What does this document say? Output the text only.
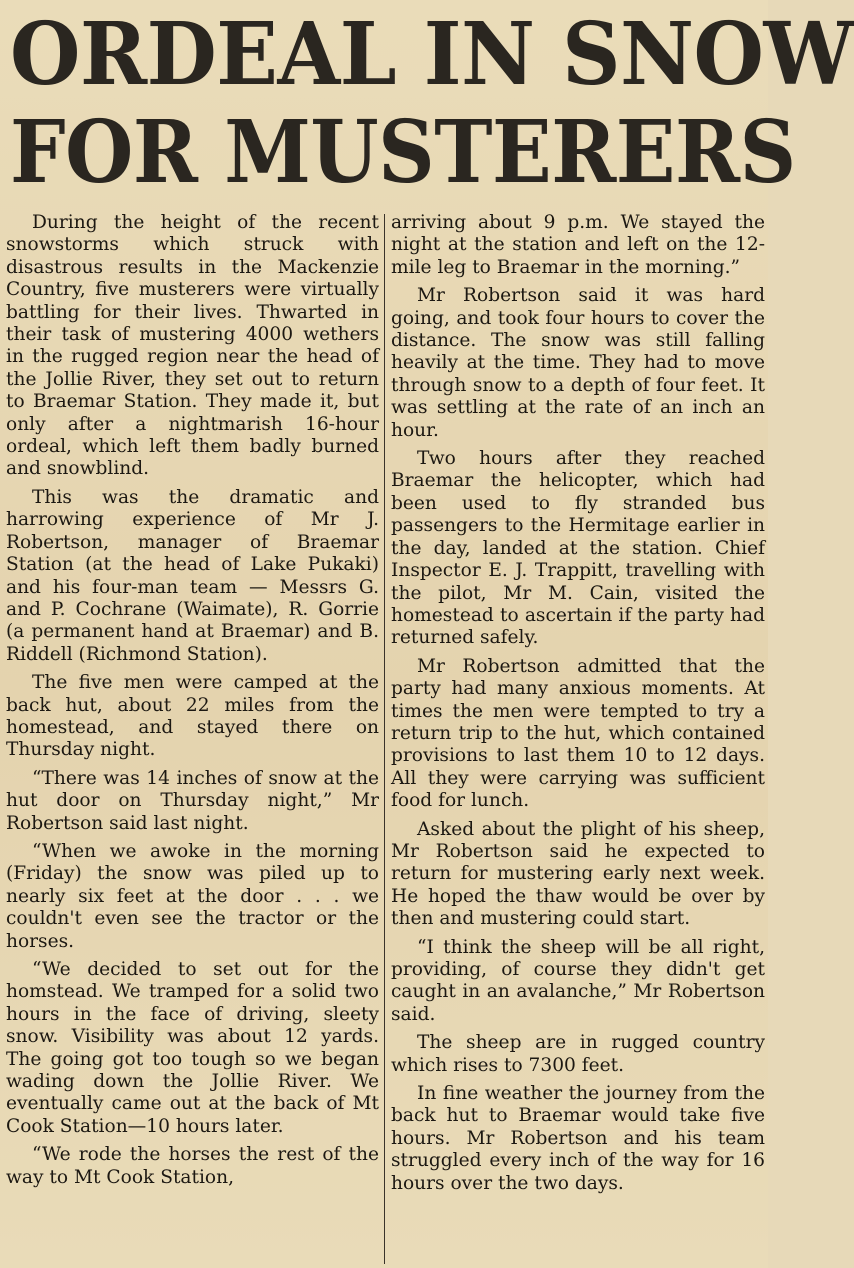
ORDEAL IN SNOW
FOR MUSTERERS

During the height of the recent snowstorms which struck with disastrous results in the Mackenzie Country, five musterers were virtually battling for their lives. Thwarted in their task of mustering 4000 wethers in the rugged region near the head of the Jollie River, they set out to return to Braemar Station. They made it, but only after a nightmarish 16-hour ordeal, which left them badly burned and snowblind.

This was the dramatic and harrowing experience of Mr J. Robertson, manager of Braemar Station (at the head of Lake Pukaki) and his four-man team — Messrs G. and P. Cochrane (Waimate), R. Gorrie (a permanent hand at Braemar) and B. Riddell (Richmond Station).

The five men were camped at the back hut, about 22 miles from the homestead, and stayed there on Thursday night.

“There was 14 inches of snow at the hut door on Thursday night,” Mr Robertson said last night.

“When we awoke in the morning (Friday) the snow was piled up to nearly six feet at the door . . . we couldn't even see the tractor or the horses.

“We decided to set out for the homstead. We tramped for a solid two hours in the face of driving, sleety snow. Visibility was about 12 yards. The going got too tough so we began wading down the Jollie River. We eventually came out at the back of Mt Cook Station—10 hours later.

“We rode the horses the rest of the way to Mt Cook Station,

arriving about 9 p.m. We stayed the night at the station and left on the 12-mile leg to Braemar in the morning.”

Mr Robertson said it was hard going, and took four hours to cover the distance. The snow was still falling heavily at the time. They had to move through snow to a depth of four feet. It was settling at the rate of an inch an hour.

Two hours after they reached Braemar the helicopter, which had been used to fly stranded bus passengers to the Hermitage earlier in the day, landed at the station. Chief Inspector E. J. Trappitt, travelling with the pilot, Mr M. Cain, visited the homestead to ascertain if the party had returned safely.

Mr Robertson admitted that the party had many anxious moments. At times the men were tempted to try a return trip to the hut, which contained provisions to last them 10 to 12 days. All they were carrying was sufficient food for lunch.

Asked about the plight of his sheep, Mr Robertson said he expected to return for mustering early next week. He hoped the thaw would be over by then and mustering could start.

“I think the sheep will be all right, providing, of course they didn't get caught in an avalanche,” Mr Robertson said.

The sheep are in rugged country which rises to 7300 feet.

In fine weather the journey from the back hut to Braemar would take five hours. Mr Robertson and his team struggled every inch of the way for 16 hours over the two days.
